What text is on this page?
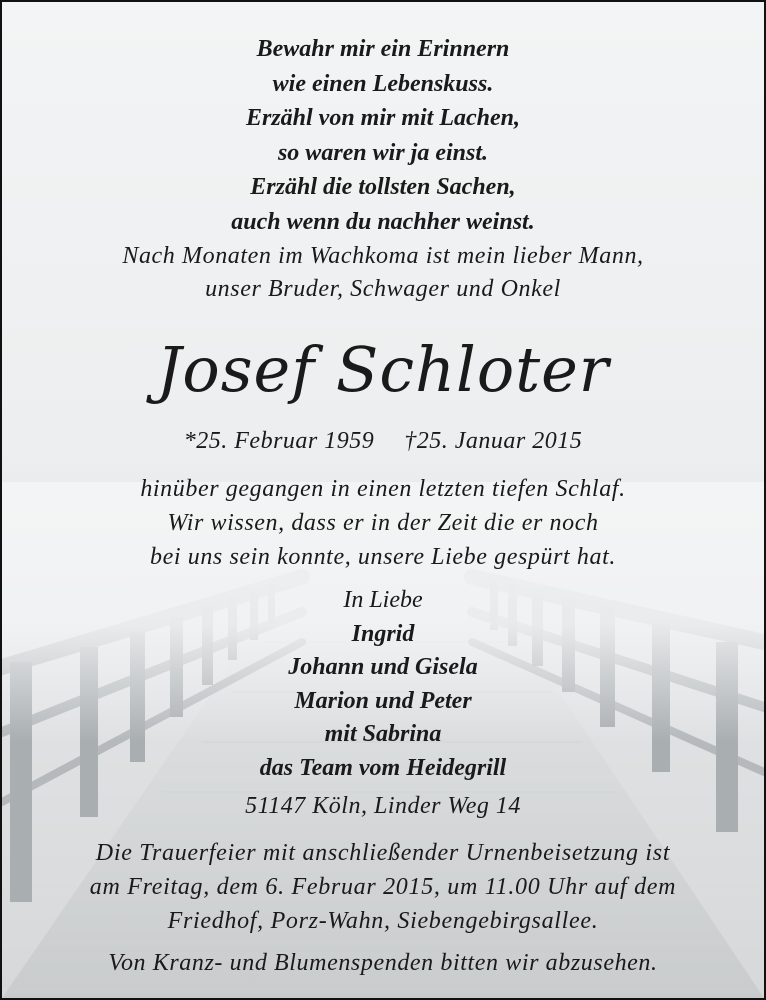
Bewahr mir ein Erinnern
wie einen Lebenskuss.
Erzähl von mir mit Lachen,
so waren wir ja einst.
Erzähl die tollsten Sachen,
auch wenn du nachher weinst.
Nach Monaten im Wachkoma ist mein lieber Mann,
unser Bruder, Schwager und Onkel
Josef Schloter
*25. Februar 1959 †25. Januar 2015
hinüber gegangen in einen letzten tiefen Schlaf.
Wir wissen, dass er in der Zeit die er noch
bei uns sein konnte, unsere Liebe gespürt hat.
In Liebe
Ingrid
Johann und Gisela
Marion und Peter
mit Sabrina
das Team vom Heidegrill
51147 Köln, Linder Weg 14
Die Trauerfeier mit anschließender Urnenbeisetzung ist
am Freitag, dem 6. Februar 2015, um 11.00 Uhr auf dem
Friedhof, Porz-Wahn, Siebengebirgsallee.
Von Kranz- und Blumenspenden bitten wir abzusehen.
